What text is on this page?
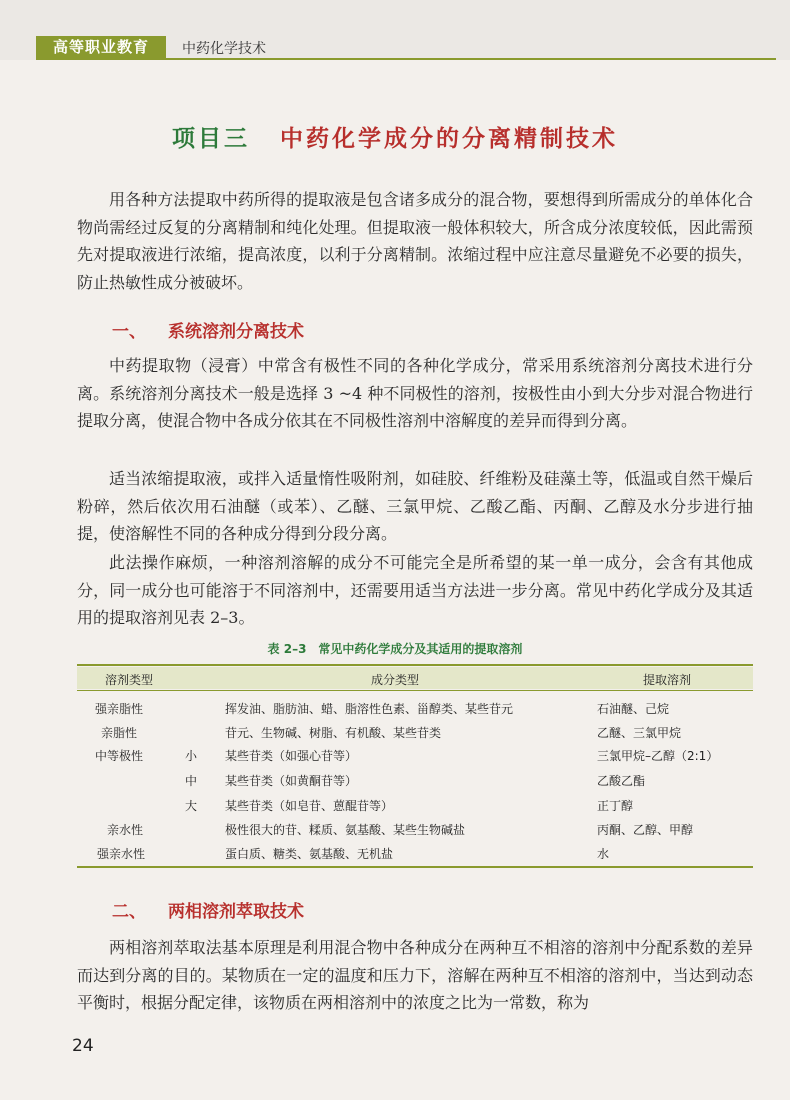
高等职业教育	中药化学技术
项目三 中药化学成分的分离精制技术

用各种方法提取中药所得的提取液是包含诸多成分的混合物，要想得到所需成分的单体化合物尚需经过反复的分离精制和纯化处理。但提取液一般体积较大，所含成分浓度较低，因此需预先对提取液进行浓缩，提高浓度，以利于分离精制。浓缩过程中应注意尽量避免不必要的损失，防止热敏性成分被破坏。

一、 系统溶剂分离技术

中药提取物（浸膏）中常含有极性不同的各种化学成分，常采用系统溶剂分离技术进行分离。系统溶剂分离技术一般是选择 3 ~4 种不同极性的溶剂，按极性由小到大分步对混合物进行提取分离，使混合物中各成分依其在不同极性溶剂中溶解度的差异而得到分离。

适当浓缩提取液，或拌入适量惰性吸附剂，如硅胶、纤维粉及硅藻土等，低温或自然干燥后粉碎，然后依次用石油醚（或苯）、乙醚、三氯甲烷、乙酸乙酯、丙酮、乙醇及水分步进行抽提，使溶解性不同的各种成分得到分段分离。

此法操作麻烦，一种溶剂溶解的成分不可能完全是所希望的某一单一成分，会含有其他成分，同一成分也可能溶于不同溶剂中，还需要用适当方法进一步分离。常见中药化学成分及其适用的提取溶剂见表 2–3。

表 2–3　常见中药化学成分及其适用的提取溶剂
溶剂类型	成分类型	提取溶剂
强亲脂性	挥发油、脂肪油、蜡、脂溶性色素、甾醇类、某些苷元	石油醚、己烷
亲脂性	苷元、生物碱、树脂、有机酸、某些苷类	乙醚、三氯甲烷
中等极性	小 某些苷类（如强心苷等）	三氯甲烷–乙醇（2:1）
中 某些苷类（如黄酮苷等）	乙酸乙酯
大 某些苷类（如皂苷、蒽醌苷等）	正丁醇
亲水性	极性很大的苷、糅质、氨基酸、某些生物碱盐	丙酮、乙醇、甲醇
强亲水性	蛋白质、糖类、氨基酸、无机盐	水
二、 两相溶剂萃取技术

两相溶剂萃取法基本原理是利用混合物中各种成分在两种互不相溶的溶剂中分配系数的差异而达到分离的目的。某物质在一定的温度和压力下，溶解在两种互不相溶的溶剂中，当达到动态平衡时，根据分配定律，该物质在两相溶剂中的浓度之比为一常数，称为

24
